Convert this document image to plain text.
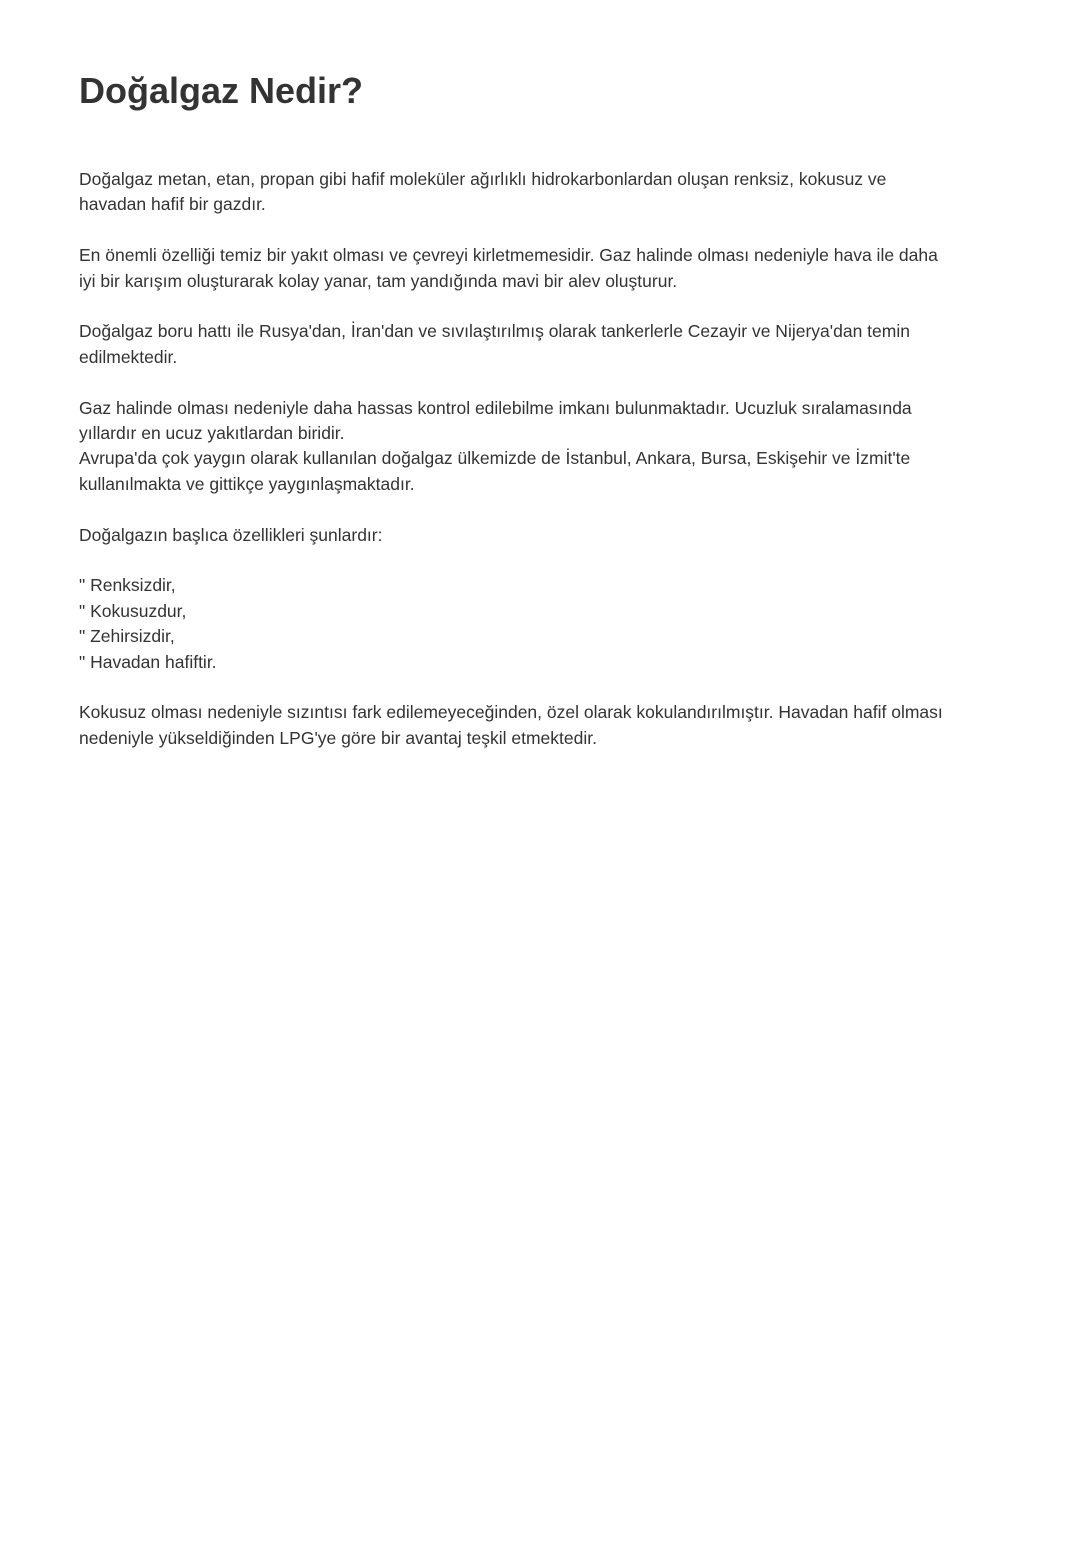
Doğalgaz Nedir?

Doğalgaz metan, etan, propan gibi hafif moleküler ağırlıklı hidrokarbonlardan oluşan renksiz, kokusuz ve
havadan hafif bir gazdır.

En önemli özelliği temiz bir yakıt olması ve çevreyi kirletmemesidir. Gaz halinde olması nedeniyle hava ile daha
iyi bir karışım oluşturarak kolay yanar, tam yandığında mavi bir alev oluşturur.

Doğalgaz boru hattı ile Rusya'dan, İran'dan ve sıvılaştırılmış olarak tankerlerle Cezayir ve Nijerya'dan temin
edilmektedir.

Gaz halinde olması nedeniyle daha hassas kontrol edilebilme imkanı bulunmaktadır. Ucuzluk sıralamasında
yıllardır en ucuz yakıtlardan biridir.
Avrupa'da çok yaygın olarak kullanılan doğalgaz ülkemizde de İstanbul, Ankara, Bursa, Eskişehir ve İzmit'te
kullanılmakta ve gittikçe yaygınlaşmaktadır.

Doğalgazın başlıca özellikleri şunlardır:

" Renksizdir,
" Kokusuzdur,
" Zehirsizdir,
" Havadan hafiftir.

Kokusuz olması nedeniyle sızıntısı fark edilemeyeceğinden, özel olarak kokulandırılmıştır. Havadan hafif olması
nedeniyle yükseldiğinden LPG'ye göre bir avantaj teşkil etmektedir.
